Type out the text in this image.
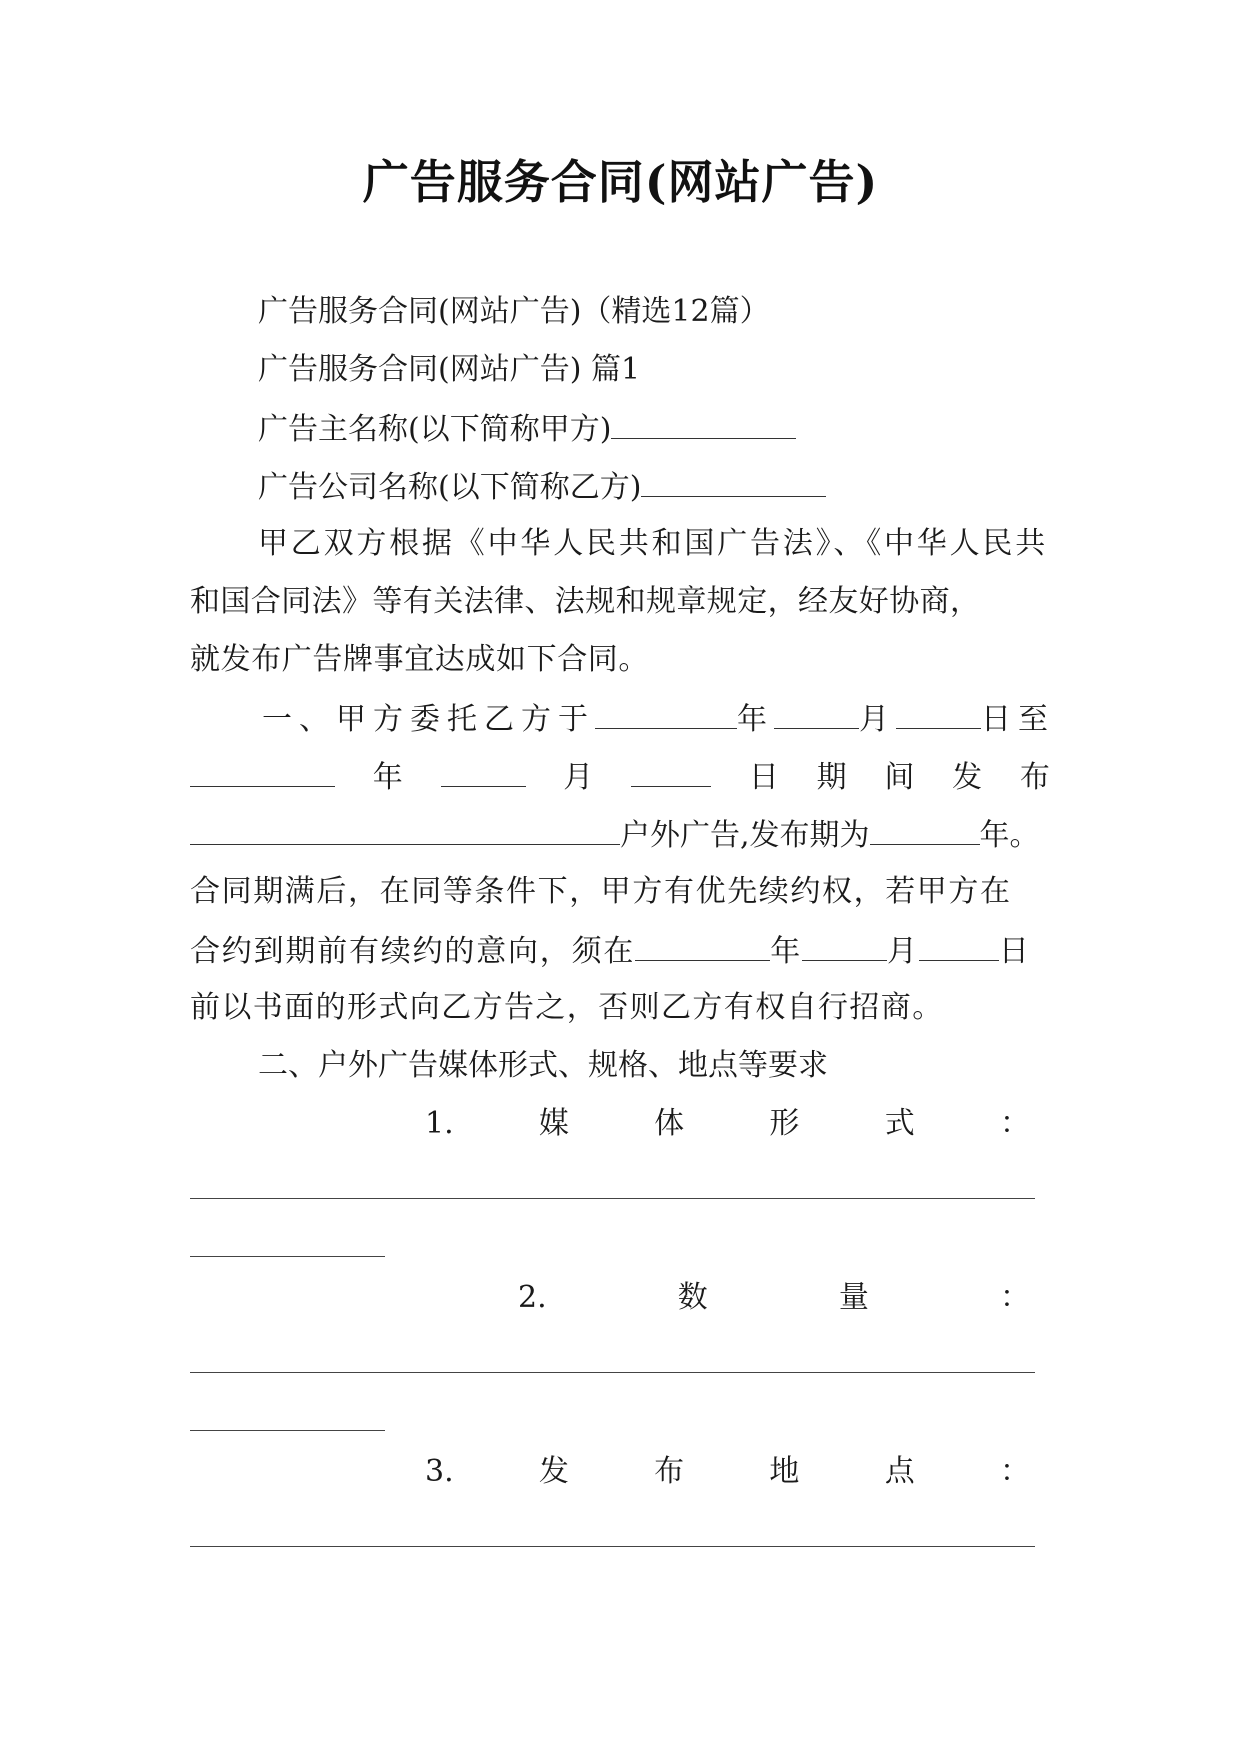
广告服务合同(网站广告)
广告服务合同(网站广告)（精选12篇）
广告服务合同(网站广告) 篇1
广告主名称(以下简称甲方)
广告公司名称(以下简称乙方)
甲乙双方根据《中华人民共和国广告法》、《中华人民共
和国合同法》等有关法律、法规和规章规定，经友好协商，
就发布广告牌事宜达成如下合同。
一、甲方委托乙方于	年	月	日至
年	月	日 期 间 发 布
户外广告,发布期为	年。
合同期满后，在同等条件下，甲方有优先续约权，若甲方在
合约到期前有续约的意向，须在	年	月	日
前以书面的形式向乙方告之，否则乙方有权自行招商。
二、户外广告媒体形式、规格、地点等要求
1.	媒	体	形	式	：
2.	数	量	：
3.	发	布	地	点	：
